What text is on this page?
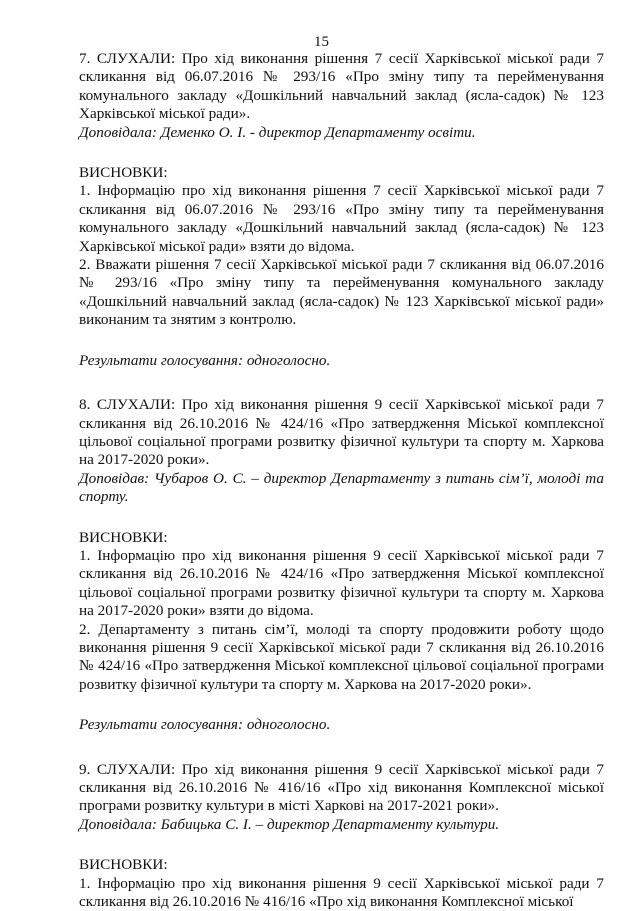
15

7. СЛУХАЛИ: Про хід виконання рішення 7 сесії Харківської міської ради 7 скликання від 06.07.2016 № 293/16 «Про зміну типу та перейменування комунального закладу «Дошкільний навчальний заклад (ясла-садок) № 123 Харківської міської ради».

Доповідала: Деменко О. І. - директор Департаменту освіти.

ВИСНОВКИ:

1. Інформацію про хід виконання рішення 7 сесії Харківської міської ради 7 скликання від 06.07.2016 № 293/16 «Про зміну типу та перейменування комунального закладу «Дошкільний навчальний заклад (ясла-садок) № 123 Харківської міської ради» взяти до відома.

2. Вважати рішення 7 сесії Харківської міської ради 7 скликання від 06.07.2016 № 293/16 «Про зміну типу та перейменування комунального закладу «Дошкільний навчальний заклад (ясла-садок) № 123 Харківської міської ради» виконаним та знятим з контролю.

Результати голосування: одноголосно.

8. СЛУХАЛИ: Про хід виконання рішення 9 сесії Харківської міської ради 7 скликання від 26.10.2016 № 424/16 «Про затвердження Міської комплексної цільової соціальної програми розвитку фізичної культури та спорту м. Харкова на 2017-2020 роки».

Доповідав: Чубаров О. С. – директор Департаменту з питань сім’ї, молоді та спорту.

ВИСНОВКИ:

1. Інформацію про хід виконання рішення 9 сесії Харківської міської ради 7 скликання від 26.10.2016 № 424/16 «Про затвердження Міської комплексної цільової соціальної програми розвитку фізичної культури та спорту м. Харкова на 2017-2020 роки» взяти до відома.

2. Департаменту з питань сім’ї, молоді та спорту продовжити роботу щодо виконання рішення 9 сесії Харківської міської ради 7 скликання від 26.10.2016 № 424/16 «Про затвердження Міської комплексної цільової соціальної програми розвитку фізичної культури та спорту м. Харкова на 2017-2020 роки».

Результати голосування: одноголосно.

9. СЛУХАЛИ: Про хід виконання рішення 9 сесії Харківської міської ради 7 скликання від 26.10.2016 № 416/16 «Про хід виконання Комплексної міської програми розвитку культури в місті Харкові на 2017-2021 роки».

Доповідала: Бабицька С. І. – директор Департаменту культури.

ВИСНОВКИ:

1. Інформацію про хід виконання рішення 9 сесії Харківської міської ради 7 скликання від 26.10.2016 № 416/16 «Про хід виконання Комплексної міської
